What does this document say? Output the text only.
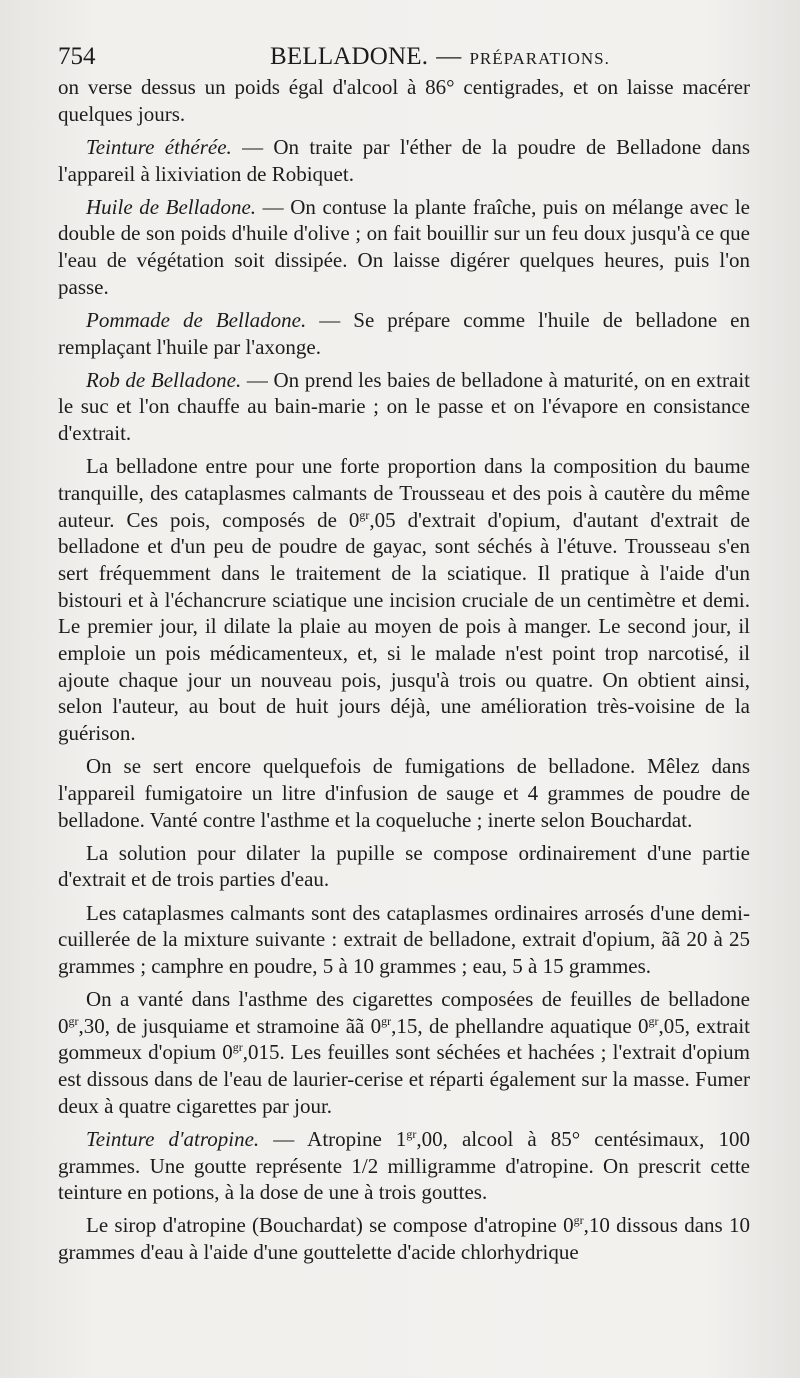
754	BELLADONE. — PRÉPARATIONS.

on verse dessus un poids égal d'alcool à 86° centigrades, et on laisse macérer quelques jours.

Teinture éthérée. — On traite par l'éther de la poudre de Belladone dans l'appareil à lixiviation de Robiquet.

Huile de Belladone. — On contuse la plante fraîche, puis on mélange avec le double de son poids d'huile d'olive ; on fait bouillir sur un feu doux jusqu'à ce que l'eau de végétation soit dissipée. On laisse digérer quelques heures, puis l'on passe.

Pommade de Belladone. — Se prépare comme l'huile de belladone en remplaçant l'huile par l'axonge.

Rob de Belladone. — On prend les baies de belladone à maturité, on en extrait le suc et l'on chauffe au bain-marie ; on le passe et on l'évapore en consistance d'extrait.

La belladone entre pour une forte proportion dans la composition du baume tranquille, des cataplasmes calmants de Trousseau et des pois à cautère du même auteur. Ces pois, composés de $0^{gr},05$ d'extrait d'opium, d'autant d'extrait de belladone et d'un peu de poudre de gayac, sont séchés à l'étuve. Trousseau s'en sert fréquemment dans le traitement de la sciatique. Il pratique à l'aide d'un bistouri et à l'échancrure sciatique une incision cruciale de un centimètre et demi. Le premier jour, il dilate la plaie au moyen de pois à manger. Le second jour, il emploie un pois médicamenteux, et, si le malade n'est point trop narcotisé, il ajoute chaque jour un nouveau pois, jusqu'à trois ou quatre. On obtient ainsi, selon l'auteur, au bout de huit jours déjà, une amélioration très-voisine de la guérison.

On se sert encore quelquefois de fumigations de belladone. Mêlez dans l'appareil fumigatoire un litre d'infusion de sauge et 4 grammes de poudre de belladone. Vanté contre l'asthme et la coqueluche ; inerte selon Bouchardat.

La solution pour dilater la pupille se compose ordinairement d'une partie d'extrait et de trois parties d'eau.

Les cataplasmes calmants sont des cataplasmes ordinaires arrosés d'une demi-cuillerée de la mixture suivante : extrait de belladone, extrait d'opium, ãã 20 à 25 grammes ; camphre en poudre, 5 à 10 grammes ; eau, 5 à 15 grammes.

On a vanté dans l'asthme des cigarettes composées de feuilles de belladone $0^{gr},30$, de jusquiame et stramoine ãã $0^{gr},15$, de phellandre aquatique $0^{gr},05$, extrait gommeux d'opium $0^{gr},015$. Les feuilles sont séchées et hachées ; l'extrait d'opium est dissous dans de l'eau de laurier-cerise et réparti également sur la masse. Fumer deux à quatre cigarettes par jour.

Teinture d'atropine. — Atropine $1^{gr},00$, alcool à 85° centésimaux, 100 grammes. Une goutte représente 1/2 milligramme d'atropine. On prescrit cette teinture en potions, à la dose de une à trois gouttes.

Le sirop d'atropine (Bouchardat) se compose d'atropine $0^{gr},10$ dissous dans 10 grammes d'eau à l'aide d'une gouttelette d'acide chlorhydrique
